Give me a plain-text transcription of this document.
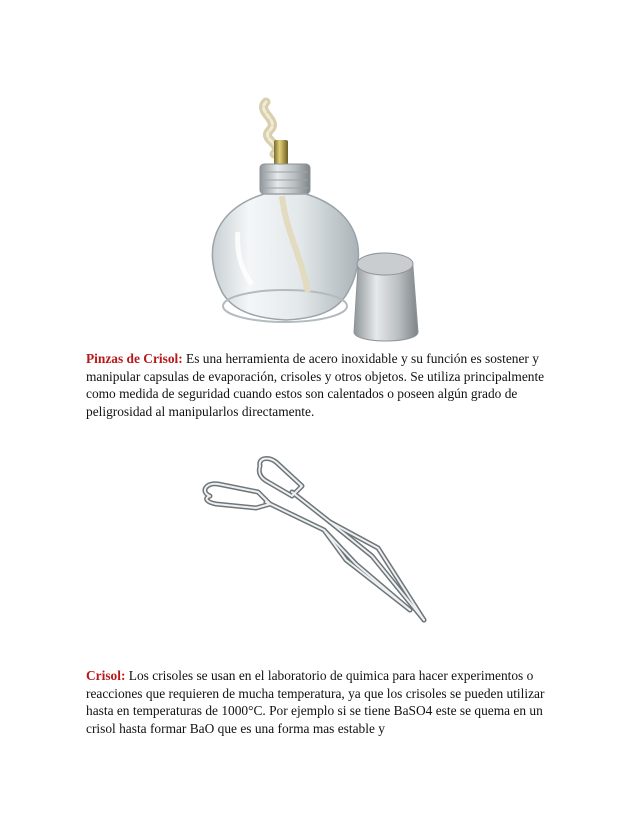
Pinzas de Crisol: Es una herramienta de acero inoxidable y su función es sostener y manipular capsulas de evaporación, crisoles y otros objetos. Se utiliza principalmente como medida de seguridad cuando estos son calentados o poseen algún grado de peligrosidad al manipularlos directamente.

Crisol: Los crisoles se usan en el laboratorio de quimica para hacer experimentos o reacciones que requieren de mucha temperatura, ya que los crisoles se pueden utilizar hasta en temperaturas de 1000°C. Por ejemplo si se tiene BaSO4 este se quema en un crisol hasta formar BaO que es una forma mas estable y
